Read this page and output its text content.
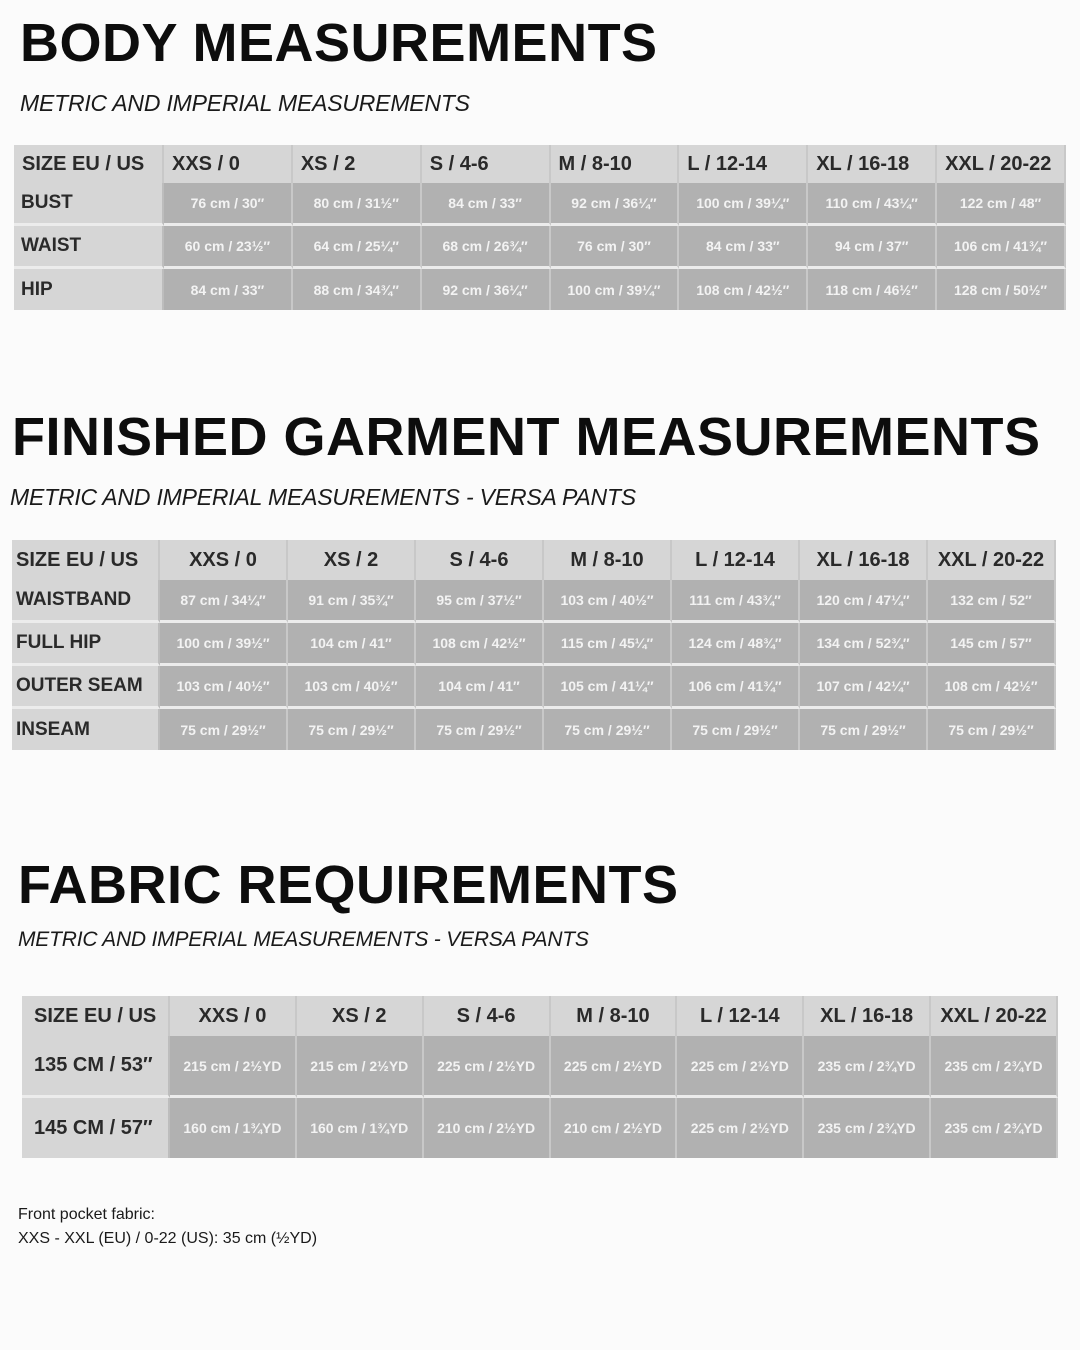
BODY MEASUREMENTS

METRIC AND IMPERIAL MEASUREMENTS

SIZE EU / US	XXS / 0	XS / 2	S / 4-6	M / 8-10	L / 12-14	XL / 16-18	XXL / 20-22
BUST	76 cm / 30″	80 cm / 31½″	84 cm / 33″	92 cm / 36¼″	100 cm / 39¼″	110 cm / 43¼″	122 cm / 48″
WAIST	60 cm / 23½″	64 cm / 25¼″	68 cm / 26¾″	76 cm / 30″	84 cm / 33″	94 cm / 37″	106 cm / 41¾″
HIP	84 cm / 33″	88 cm / 34¾″	92 cm / 36¼″	100 cm / 39¼″	108 cm / 42½″	118 cm / 46½″	128 cm / 50½″
FINISHED GARMENT MEASUREMENTS

METRIC AND IMPERIAL MEASUREMENTS - VERSA PANTS

SIZE EU / US	XXS / 0	XS / 2	S / 4-6	M / 8-10	L / 12-14	XL / 16-18	XXL / 20-22
WAISTBAND	87 cm / 34¼″	91 cm / 35¾″	95 cm / 37½″	103 cm / 40½″	111 cm / 43¾″	120 cm / 47¼″	132 cm / 52″
FULL HIP	100 cm / 39½″	104 cm / 41″	108 cm / 42½″	115 cm / 45¼″	124 cm / 48¾″	134 cm / 52¾″	145 cm / 57″
OUTER SEAM	103 cm / 40½″	103 cm / 40½″	104 cm / 41″	105 cm / 41¼″	106 cm / 41¾″	107 cm / 42¼″	108 cm / 42½″
INSEAM	75 cm / 29½″	75 cm / 29½″	75 cm / 29½″	75 cm / 29½″	75 cm / 29½″	75 cm / 29½″	75 cm / 29½″
FABRIC REQUIREMENTS

METRIC AND IMPERIAL MEASUREMENTS - VERSA PANTS

SIZE EU / US	XXS / 0	XS / 2	S / 4-6	M / 8-10	L / 12-14	XL / 16-18	XXL / 20-22
135 CM / 53″	215 cm / 2½YD	215 cm / 2½YD	225 cm / 2½YD	225 cm / 2½YD	225 cm / 2½YD	235 cm / 2¾YD	235 cm / 2¾YD
145 CM / 57″	160 cm / 1¾YD	160 cm / 1¾YD	210 cm / 2½YD	210 cm / 2½YD	225 cm / 2½YD	235 cm / 2¾YD	235 cm / 2¾YD

Front pocket fabric:

XXS - XXL (EU) / 0-22 (US): 35 cm (½YD)
